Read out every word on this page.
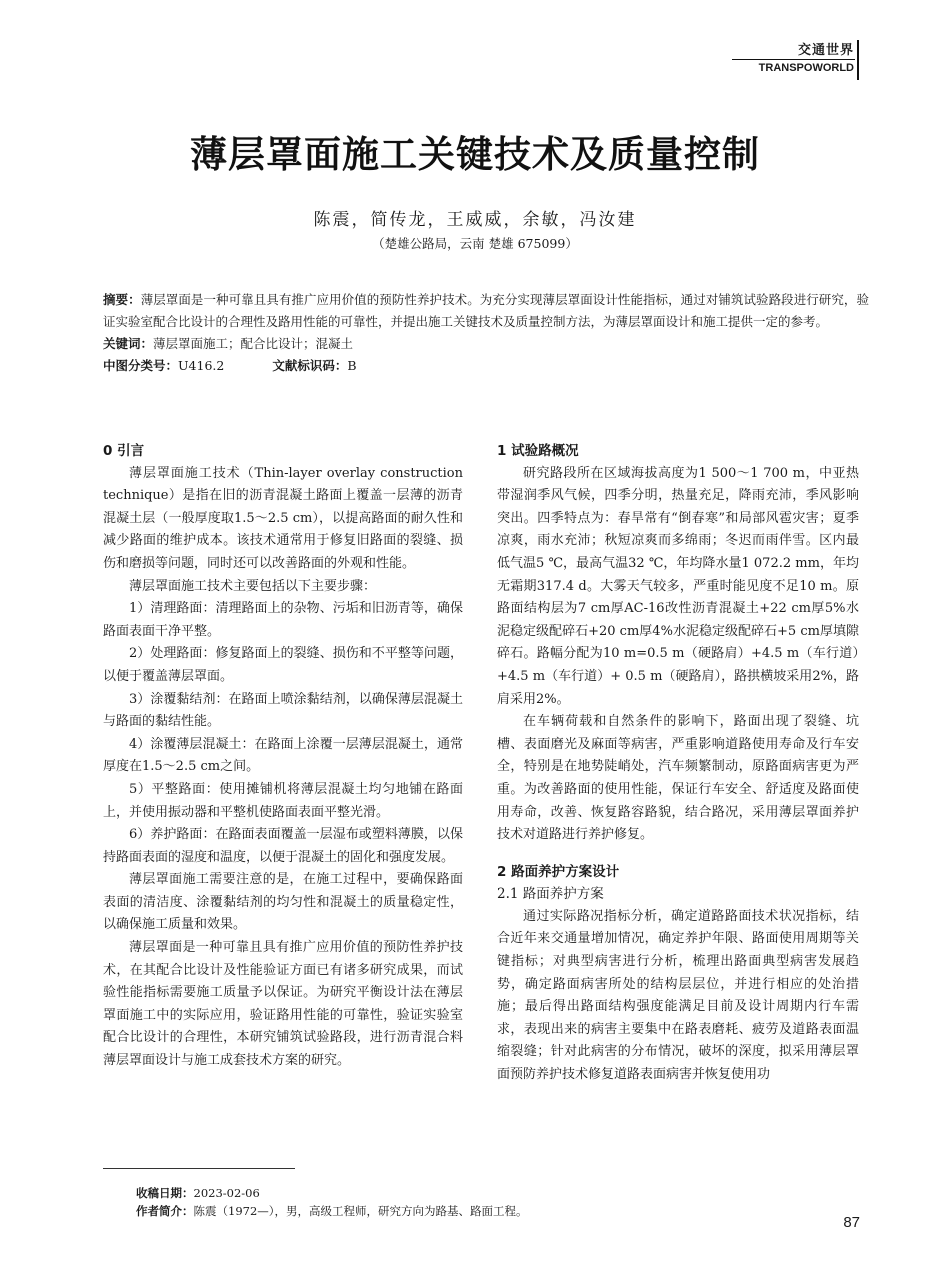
交通世界
TRANSPOWORLD
薄层罩面施工关键技术及质量控制
陈震，简传龙，王威威，余敏，冯汝建
（楚雄公路局，云南 楚雄 675099）

摘要：薄层罩面是一种可靠且具有推广应用价值的预防性养护技术。为充分实现薄层罩面设计性能指标，通过对铺筑试验路段进行研究，验证实验室配合比设计的合理性及路用性能的可靠性，并提出施工关键技术及质量控制方法，为薄层罩面设计和施工提供一定的参考。

关键词：薄层罩面施工；配合比设计；混凝土

中图分类号： U416.2	文献标识码： B
0 引言

薄层罩面施工技术（Thin-layer overlay construction technique）是指在旧的沥青混凝土路面上覆盖一层薄的沥青混凝土层（一般厚度取1.5～2.5 cm），以提高路面的耐久性和减少路面的维护成本。该技术通常用于修复旧路面的裂缝、损伤和磨损等问题，同时还可以改善路面的外观和性能。

薄层罩面施工技术主要包括以下主要步骤：

1）清理路面：清理路面上的杂物、污垢和旧沥青等，确保路面表面干净平整。

2）处理路面：修复路面上的裂缝、损伤和不平整等问题，以便于覆盖薄层罩面。

3）涂覆黏结剂：在路面上喷涂黏结剂，以确保薄层混凝土与路面的黏结性能。

4）涂覆薄层混凝土：在路面上涂覆一层薄层混凝土，通常厚度在1.5～2.5 cm之间。

5）平整路面：使用摊铺机将薄层混凝土均匀地铺在路面上，并使用振动器和平整机使路面表面平整光滑。

6）养护路面：在路面表面覆盖一层湿布或塑料薄膜，以保持路面表面的湿度和温度，以便于混凝土的固化和强度发展。

薄层罩面施工需要注意的是，在施工过程中，要确保路面表面的清洁度、涂覆黏结剂的均匀性和混凝土的质量稳定性，以确保施工质量和效果。

薄层罩面是一种可靠且具有推广应用价值的预防性养护技术，在其配合比设计及性能验证方面已有诸多研究成果，而试验性能指标需要施工质量予以保证。为研究平衡设计法在薄层罩面施工中的实际应用，验证路用性能的可靠性，验证实验室配合比设计的合理性，本研究铺筑试验路段，进行沥青混合料薄层罩面设计与施工成套技术方案的研究。

1 试验路概况

研究路段所在区域海拔高度为1 500～1 700 m，中亚热带湿润季风气候，四季分明，热量充足，降雨充沛，季风影响突出。四季特点为：春旱常有“倒春寒”和局部风雹灾害；夏季凉爽，雨水充沛；秋短凉爽而多绵雨；冬迟而雨伴雪。区内最低气温5 ℃，最高气温32 ℃，年均降水量1 072.2 mm，年均无霜期317.4 d。大雾天气较多，严重时能见度不足10 m。原路面结构层为7 cm厚AC-16改性沥青混凝土+22 cm厚5%水泥稳定级配碎石+20 cm厚4%水泥稳定级配碎石+5 cm厚填隙碎石。路幅分配为10 m=0.5 m（硬路肩）+4.5 m（车行道）+4.5 m（车行道）+ 0.5 m（硬路肩），路拱横坡采用2%，路肩采用2%。

在车辆荷载和自然条件的影响下，路面出现了裂缝、坑槽、表面磨光及麻面等病害，严重影响道路使用寿命及行车安全，特别是在地势陡峭处，汽车频繁制动，原路面病害更为严重。为改善路面的使用性能，保证行车安全、舒适度及路面使用寿命，改善、恢复路容路貌，结合路况，采用薄层罩面养护技术对道路进行养护修复。

2 路面养护方案设计
2.1 路面养护方案

通过实际路况指标分析，确定道路路面技术状况指标，结合近年来交通量增加情况，确定养护年限、路面使用周期等关键指标；对典型病害进行分析，梳理出路面典型病害发展趋势，确定路面病害所处的结构层层位，并进行相应的处治措施；最后得出路面结构强度能满足目前及设计周期内行车需求，表现出来的病害主要集中在路表磨耗、疲劳及道路表面温缩裂缝；针对此病害的分布情况，破坏的深度，拟采用薄层罩面预防养护技术修复道路表面病害并恢复使用功

收稿日期：2023-02-06
作者简介：陈震（1972—），男，高级工程师，研究方向为路基、路面工程。
87
